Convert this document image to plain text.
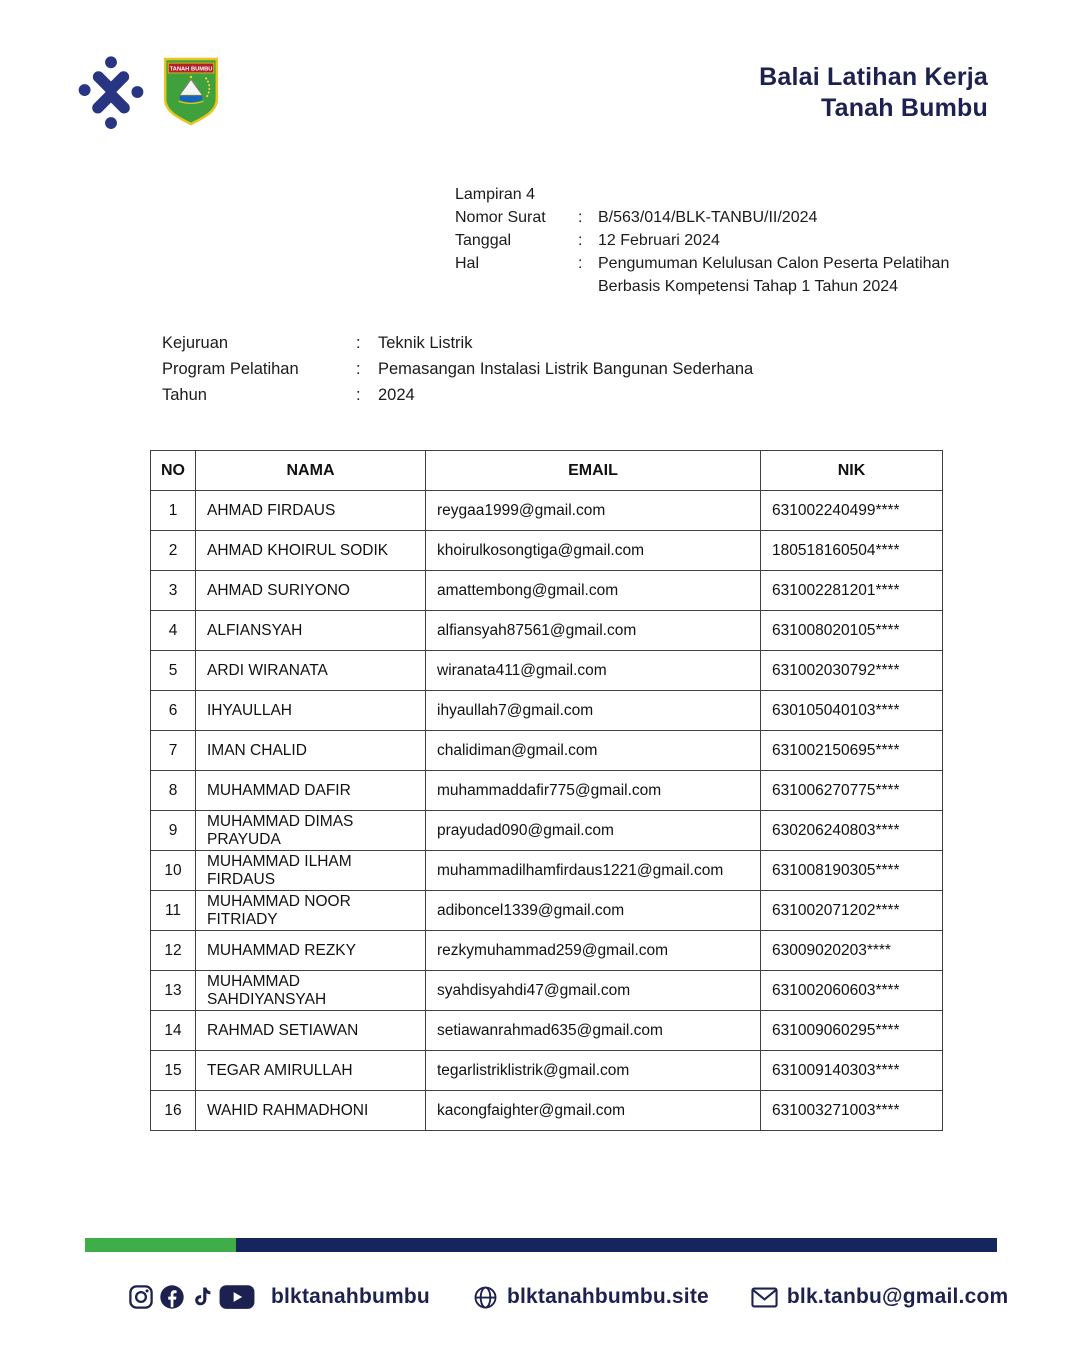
TANAH BUMBU	Balai Latihan Kerja
Tanah Bumbu
Lampiran 4
Nomor Surat	: B/563/014/BLK-TANBU/II/2024
Tanggal	: 12 Februari 2024
Hal	: Pengumuman Kelulusan Calon Peserta Pelatihan Berbasis Kompetensi Tahap 1 Tahun 2024
Kejuruan	:	Teknik Listrik
Program Pelatihan	:	Pemasangan Instalasi Listrik Bangunan Sederhana
Tahun	:	2024
NO	NAMA	EMAIL	NIK
1	AHMAD FIRDAUS	reygaa1999@gmail.com	631002240499****
2	AHMAD KHOIRUL SODIK	khoirulkosongtiga@gmail.com	180518160504****
3	AHMAD SURIYONO	amattembong@gmail.com	631002281201****
4	ALFIANSYAH	alfiansyah87561@gmail.com	631008020105****
5	ARDI WIRANATA	wiranata411@gmail.com	631002030792****
6	IHYAULLAH	ihyaullah7@gmail.com	630105040103****
7	IMAN CHALID	chalidiman@gmail.com	631002150695****
8	MUHAMMAD DAFIR	muhammaddafir775@gmail.com	631006270775****
9	MUHAMMAD DIMAS PRAYUDA	prayudad090@gmail.com	630206240803****
10	MUHAMMAD ILHAM FIRDAUS	muhammadilhamfirdaus1221@gmail.com	631008190305****
11	MUHAMMAD NOOR FITRIADY	adiboncel1339@gmail.com	631002071202****
12	MUHAMMAD REZKY	rezkymuhammad259@gmail.com	63009020203****
13	MUHAMMAD SAHDIYANSYAH	syahdisyahdi47@gmail.com	631002060603****
14	RAHMAD SETIAWAN	setiawanrahmad635@gmail.com	631009060295****
15	TEGAR AMIRULLAH	tegarlistriklistrik@gmail.com	631009140303****
16	WAHID RAHMADHONI	kacongfaighter@gmail.com	631003271003****
blktanahbumbu	blktanahbumbu.site	blk.tanbu@gmail.com
